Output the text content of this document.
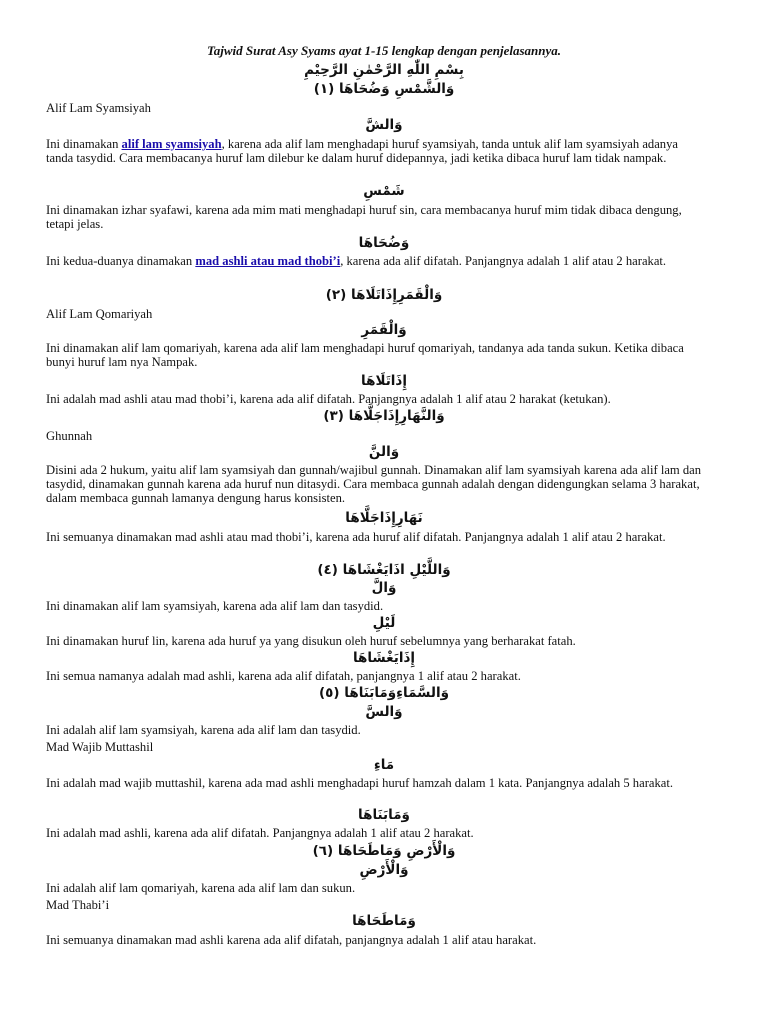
Tajwid Surat Asy Syams ayat 1-15 lengkap dengan penjelasannya.
بِسْمِ اللّٰهِ الرَّحْمٰنِ الرَّحِيْمِ
وَالشَّمْسِ وَضُحَاهَا (١)
Alif Lam Syamsiyah
وَالشَّ
Ini dinamakan alif lam syamsiyah, karena ada alif lam menghadapi huruf syamsiyah, tanda untuk alif lam syamsiyah adanya tanda tasydid. Cara membacanya huruf lam dilebur ke dalam huruf didepannya, jadi ketika dibaca huruf lam tidak nampak.
شَمْسِ
Ini dinamakan izhar syafawi, karena ada mim mati menghadapi huruf sin, cara membacanya huruf mim tidak dibaca dengung, tetapi jelas.
وَضُحَاهَا
Ini kedua-duanya dinamakan mad ashli atau mad thobi’i, karena ada alif difatah. Panjangnya adalah 1 alif atau 2 harakat.
وَالْقَمَرِإِذَاتَلَاهَا (٢)
Alif Lam Qomariyah
وَالْقَمَرِ
Ini dinamakan alif lam qomariyah, karena ada alif lam menghadapi huruf qomariyah, tandanya ada tanda sukun. Ketika dibaca bunyi huruf lam nya Nampak.
إِذَاتَلَاهَا
Ini adalah mad ashli atau mad thobi’i, karena ada alif difatah. Panjangnya adalah 1 alif atau 2 harakat (ketukan).
وَالنَّهَارِإِذَاجَلَّاهَا (٣)
Ghunnah
وَالنَّ
Disini ada 2 hukum, yaitu alif lam syamsiyah dan gunnah/wajibul gunnah. Dinamakan alif lam syamsiyah karena ada alif lam dan tasydid, dinamakan gunnah karena ada huruf nun ditasydi. Cara membaca gunnah adalah dengan didengungkan selama 3 harakat, dalam membaca gunnah lamanya dengung harus konsisten.
نَهَارِإِذَاجَلَّاهَا
Ini semuanya dinamakan mad ashli atau mad thobi’i, karena ada huruf alif difatah. Panjangnya adalah 1 alif atau 2 harakat.
وَاللَّيْلِ اذَايَغْشَاهَا (٤)
وَالَّ
Ini dinamakan alif lam syamsiyah, karena ada alif lam dan tasydid.
لَيْلِ
Ini dinamakan huruf lin, karena ada huruf ya yang disukun oleh huruf sebelumnya yang berharakat fatah.
إِذَايَغْشَاهَا
Ini semua namanya adalah mad ashli, karena ada alif difatah, panjangnya 1 alif atau 2 harakat.
وَالسَّمَاءِوَمَابَنَاهَا (٥)
وَالسَّ
Ini adalah alif lam syamsiyah, karena ada alif lam dan tasydid.
Mad Wajib Muttashil
مَاءِ
Ini adalah mad wajib muttashil, karena ada mad ashli menghadapi huruf hamzah dalam 1 kata. Panjangnya adalah 5 harakat.
وَمَابَنَاهَا
Ini adalah mad ashli, karena ada alif difatah. Panjangnya adalah 1 alif atau 2 harakat.
وَالْأَرْضِ وَمَاطَحَاهَا (٦)
وَالْأَرْضِ
Ini adalah alif lam qomariyah, karena ada alif lam dan sukun.
Mad Thabi’i
وَمَاطَحَاهَا
Ini semuanya dinamakan mad ashli karena ada alif difatah, panjangnya adalah 1 alif atau harakat.
